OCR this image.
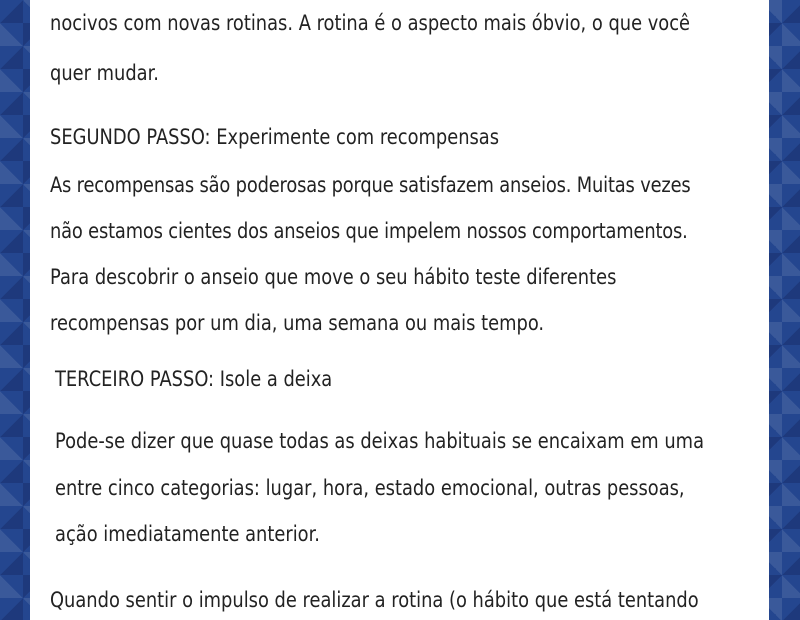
nocivos com novas rotinas. A rotina é o aspecto mais óbvio, o que você

quer mudar.

SEGUNDO PASSO: Experimente com recompensas

As recompensas são poderosas porque satisfazem anseios. Muitas vezes

não estamos cientes dos anseios que impelem nossos comportamentos.

Para descobrir o anseio que move o seu hábito teste diferentes

recompensas por um dia, uma semana ou mais tempo.

TERCEIRO PASSO: Isole a deixa

Pode-se dizer que quase todas as deixas habituais se encaixam em uma

entre cinco categorias: lugar, hora, estado emocional, outras pessoas,

ação imediatamente anterior.

Quando sentir o impulso de realizar a rotina (o hábito que está tentando
